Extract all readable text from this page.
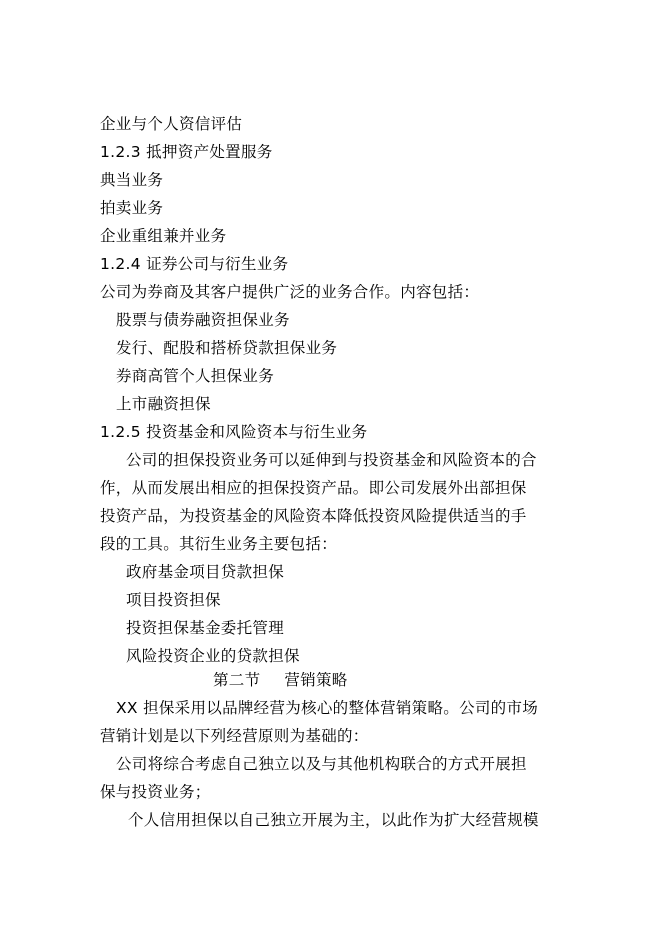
企业与个人资信评估
1.2.3 抵押资产处置服务
典当业务
拍卖业务
企业重组兼并业务
1.2.4 证券公司与衍生业务
公司为券商及其客户提供广泛的业务合作。内容包括：
股票与债券融资担保业务
发行、配股和搭桥贷款担保业务
券商高管个人担保业务
上市融资担保
1.2.5 投资基金和风险资本与衍生业务
公司的担保投资业务可以延伸到与投资基金和风险资本的合
作，从而发展出相应的担保投资产品。即公司发展外出部担保
投资产品，为投资基金的风险资本降低投资风险提供适当的手
段的工具。其衍生业务主要包括：
政府基金项目贷款担保
项目投资担保
投资担保基金委托管理
风险投资企业的贷款担保
第二节 营销策略
XX 担保采用以品牌经营为核心的整体营销策略。公司的市场
营销计划是以下列经营原则为基础的：
公司将综合考虑自己独立以及与其他机构联合的方式开展担
保与投资业务；
个人信用担保以自己独立开展为主，以此作为扩大经营规模
